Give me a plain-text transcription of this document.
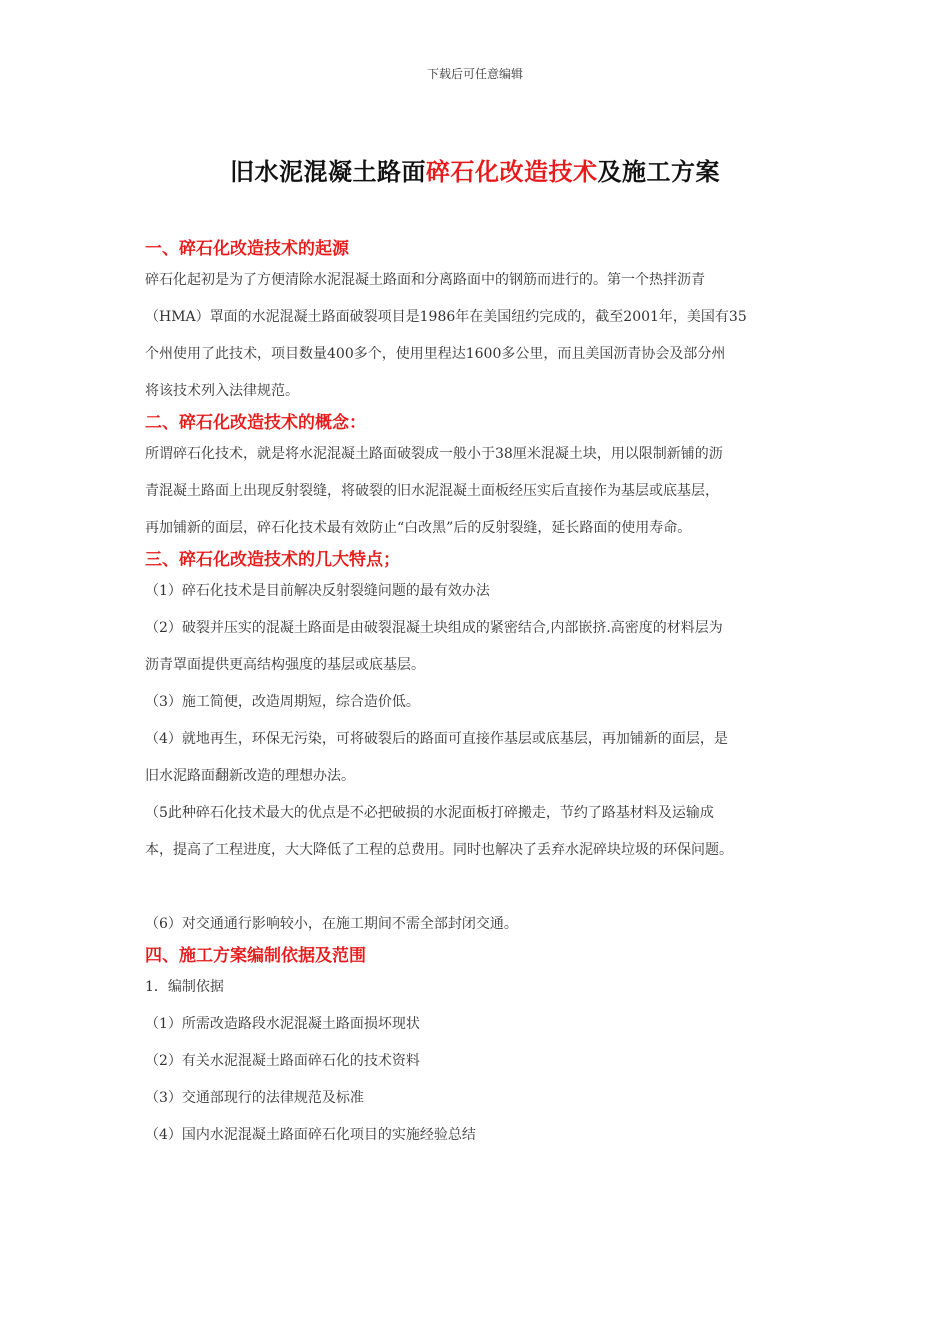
下载后可任意编辑
旧水泥混凝土路面碎石化改造技术及施工方案
一、碎石化改造技术的起源

碎石化起初是为了方便清除水泥混凝土路面和分离路面中的钢筋而进行的。第一个热拌沥青

（HMA）罩面的水泥混凝土路面破裂项目是1986年在美国纽约完成的，截至2001年，美国有35

个州使用了此技术，项目数量400多个，使用里程达1600多公里，而且美国沥青协会及部分州

将该技术列入法律规范。

二、碎石化改造技术的概念：

所谓碎石化技术，就是将水泥混凝土路面破裂成一般小于38厘米混凝土块，用以限制新铺的沥

青混凝土路面上出现反射裂缝，将破裂的旧水泥混凝土面板经压实后直接作为基层或底基层，

再加铺新的面层，碎石化技术最有效防止“白改黑”后的反射裂缝，延长路面的使用寿命。

三、碎石化改造技术的几大特点；

（1）碎石化技术是目前解决反射裂缝问题的最有效办法

（2）破裂并压实的混凝土路面是由破裂混凝土块组成的紧密结合,内部嵌挤.高密度的材料层为

沥青罩面提供更高结构强度的基层或底基层。

（3）施工简便，改造周期短，综合造价低。

（4）就地再生，环保无污染，可将破裂后的路面可直接作基层或底基层，再加铺新的面层，是

旧水泥路面翻新改造的理想办法。

（5此种碎石化技术最大的优点是不必把破损的水泥面板打碎搬走，节约了路基材料及运输成

本，提高了工程进度，大大降低了工程的总费用。同时也解决了丢弃水泥碎块垃圾的环保问题。

（6）对交通通行影响较小，在施工期间不需全部封闭交通。

四、施工方案编制依据及范围

1．编制依据

（1）所需改造路段水泥混凝土路面损坏现状

（2）有关水泥混凝土路面碎石化的技术资料

（3）交通部现行的法律规范及标准

（4）国内水泥混凝土路面碎石化项目的实施经验总结
